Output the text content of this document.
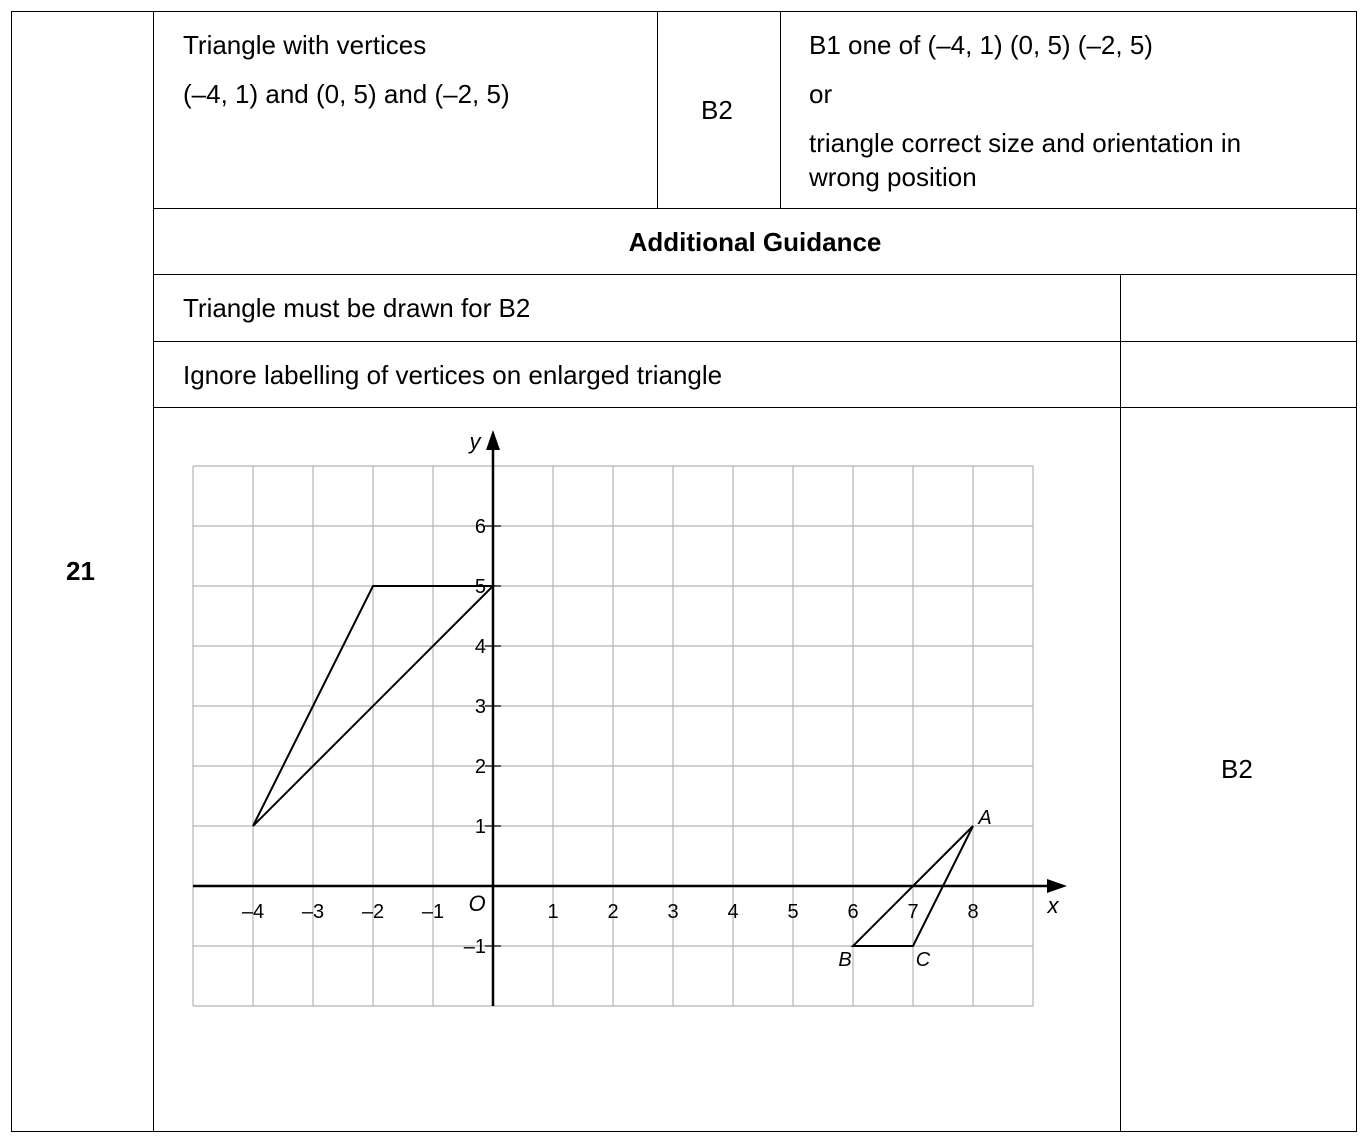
21
Triangle with vertices
(–4, 1) and (0, 5) and (–2, 5)
B2
B1 one of (–4, 1) (0, 5) (–2, 5)
or
triangle correct size and orientation in
wrong position
Additional Guidance
Triangle must be drawn for B2
Ignore labelling of vertices on enlarged triangle
B2
x
y
O
–4 –3 –2 –1	1 2 3 4 5 6 7 8
6
5
4
3
2
1
–1
A
B	C
